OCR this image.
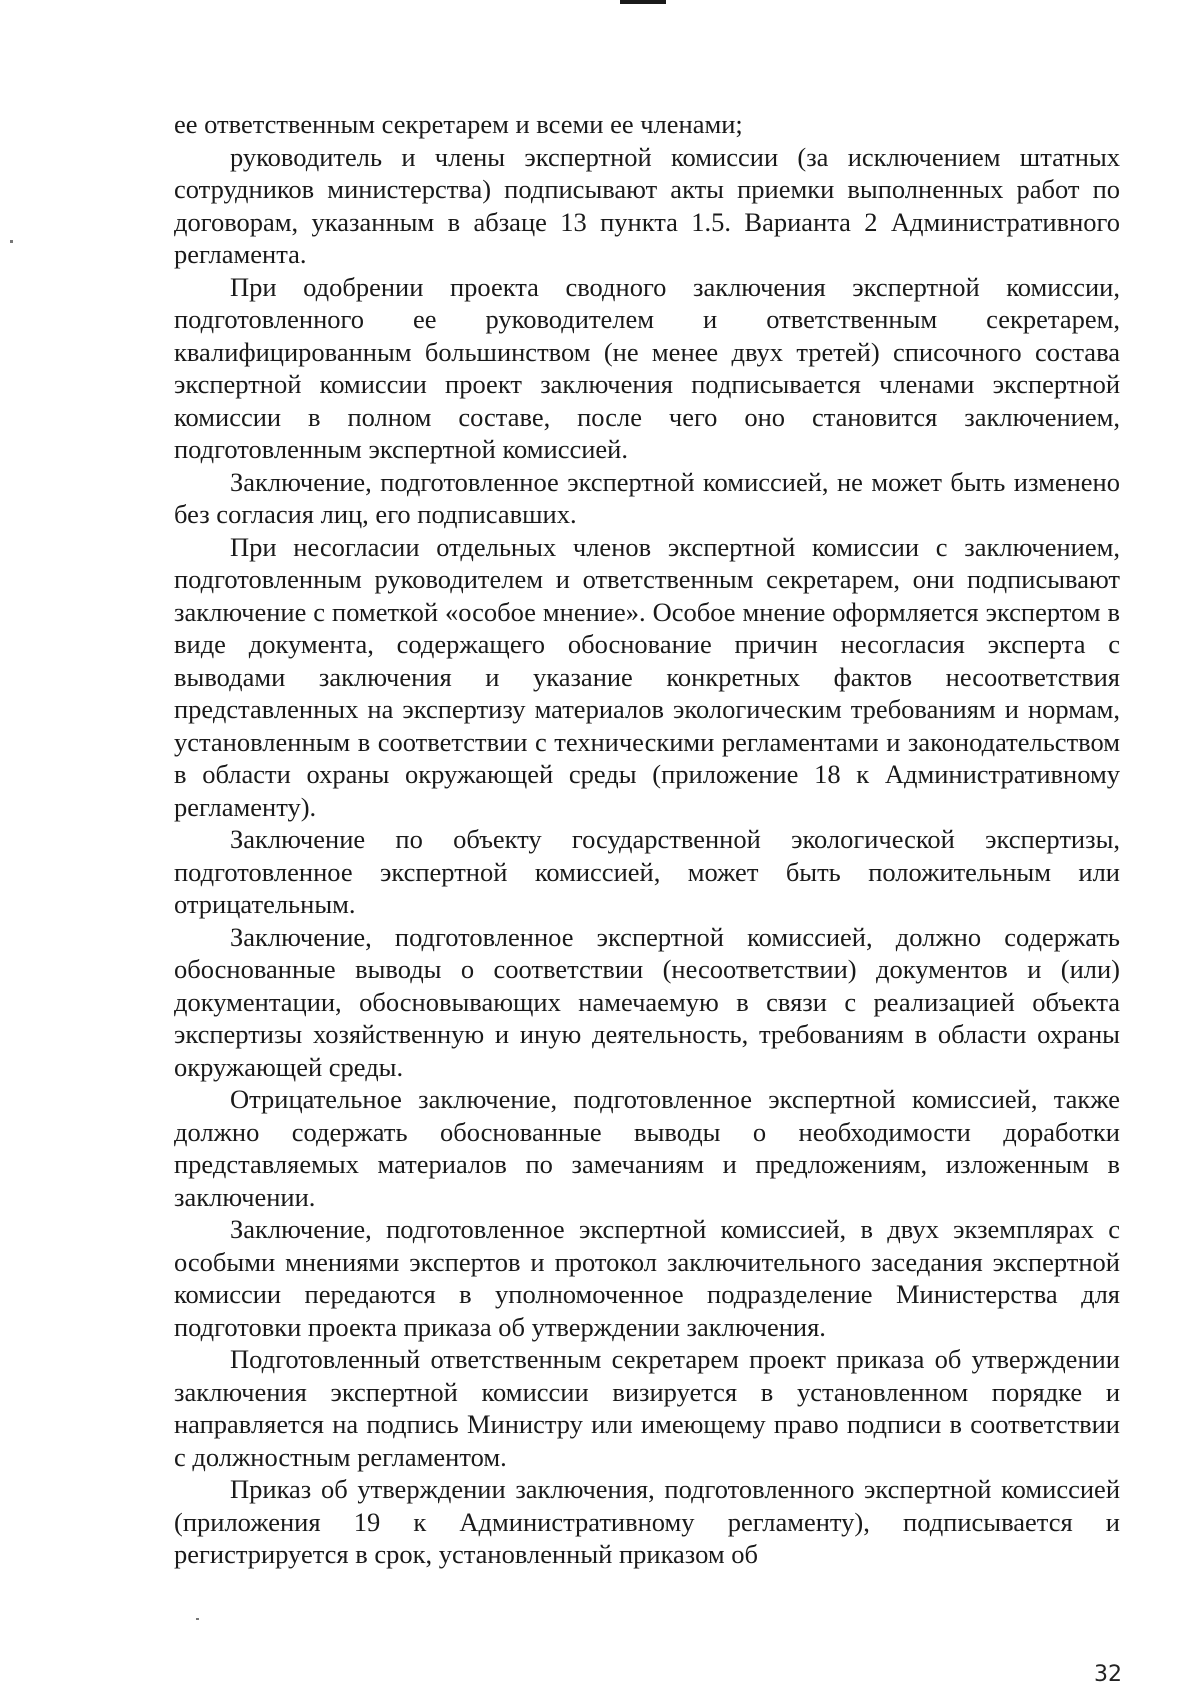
ее ответственным секретарем и всеми ее членами;

руководитель и члены экспертной комиссии (за исключением штатных сотрудников министерства) подписывают акты приемки выполненных работ по договорам, указанным в абзаце 13 пункта 1.5. Варианта 2 Административного регламента.

При одобрении проекта сводного заключения экспертной комиссии, подготовленного ее руководителем и ответственным секретарем, квалифицированным большинством (не менее двух третей) списочного состава экспертной комиссии проект заключения подписывается членами экспертной комиссии в полном составе, после чего оно становится заключением, подготовленным экспертной комиссией.

Заключение, подготовленное экспертной комиссией, не может быть изменено без согласия лиц, его подписавших.

При несогласии отдельных членов экспертной комиссии с заключением, подготовленным руководителем и ответственным секретарем, они подписывают заключение с пометкой «особое мнение». Особое мнение оформляется экспертом в виде документа, содержащего обоснование причин несогласия эксперта с выводами заключения и указание конкретных фактов несоответствия представленных на экспертизу материалов экологическим требованиям и нормам, установленным в соответствии с техническими регламентами и законодательством в области охраны окружающей среды (приложение 18 к Административному регламенту).

Заключение по объекту государственной экологической экспертизы, подготовленное экспертной комиссией, может быть положительным или отрицательным.

Заключение, подготовленное экспертной комиссией, должно содержать обоснованные выводы о соответствии (несоответствии) документов и (или) документации, обосновывающих намечаемую в связи с реализацией объекта экспертизы хозяйственную и иную деятельность, требованиям в области охраны окружающей среды.

Отрицательное заключение, подготовленное экспертной комиссией, также должно содержать обоснованные выводы о необходимости доработки представляемых материалов по замечаниям и предложениям, изложенным в заключении.

Заключение, подготовленное экспертной комиссией, в двух экземплярах с особыми мнениями экспертов и протокол заключительного заседания экспертной комиссии передаются в уполномоченное подразделение Министерства для подготовки проекта приказа об утверждении заключения.

Подготовленный ответственным секретарем проект приказа об утверждении заключения экспертной комиссии визируется в установленном порядке и направляется на подпись Министру или имеющему право подписи в соответствии с должностным регламентом.

Приказ об утверждении заключения, подготовленного экспертной комиссией (приложения 19 к Административному регламенту), подписывается и регистрируется в срок, установленный приказом об

32
